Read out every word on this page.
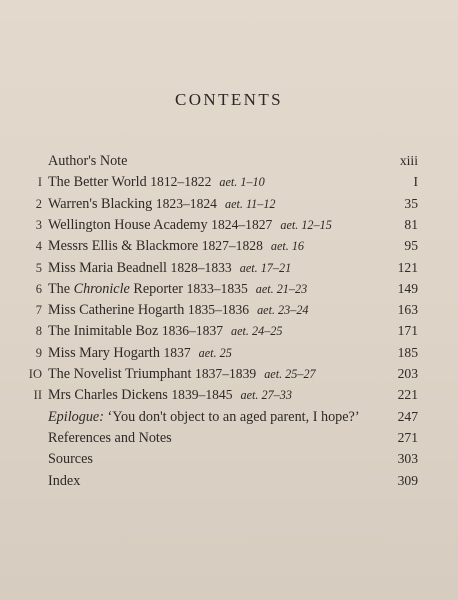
CONTENTS
Author's Note	xiii
I The Better World 1812–1822 aet. 1–10	I
2 Warren's Blacking 1823–1824 aet. 11–12	35
3 Wellington House Academy 1824–1827 aet. 12–15	81
4 Messrs Ellis & Blackmore 1827–1828 aet. 16	95
5 Miss Maria Beadnell 1828–1833 aet. 17–21	121
6 The Chronicle Reporter 1833–1835 aet. 21–23	149
7 Miss Catherine Hogarth 1835–1836 aet. 23–24	163
8 The Inimitable Boz 1836–1837 aet. 24–25	171
9 Miss Mary Hogarth 1837 aet. 25	185
IO The Novelist Triumphant 1837–1839 aet. 25–27	203
II Mrs Charles Dickens 1839–1845 aet. 27–33	221
Epilogue: ‘You don't object to an aged parent, I hope?’	247
References and Notes	271
Sources	303
Index	309
